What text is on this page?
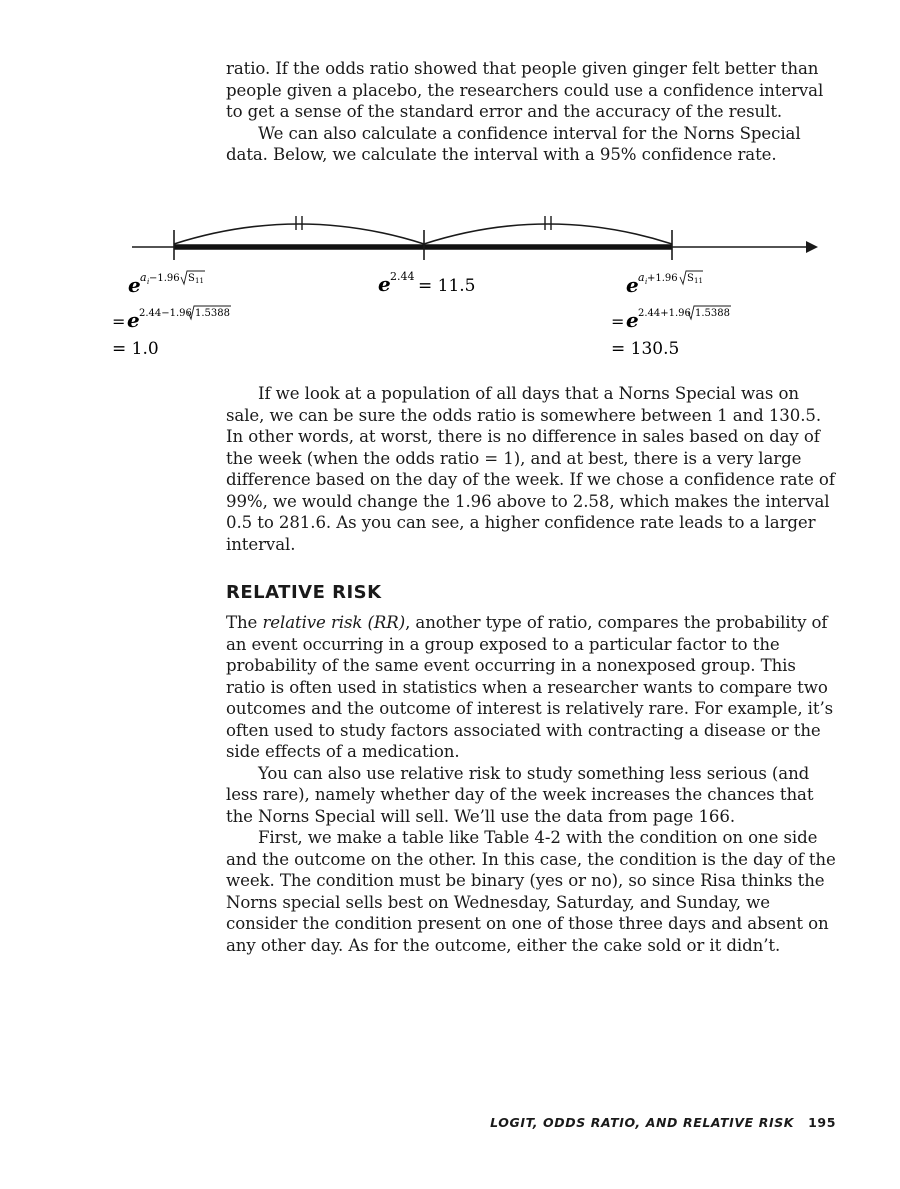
ratio. If the odds ratio showed that people given ginger felt better than people given a placebo, the researchers could use a confidence interval to get a sense of the standard error and the accuracy of the result.

We can also calculate a confidence interval for the Norns Special data. Below, we calculate the interval with a 95% confidence rate.

e a i −1.96 S 11
= e 2.44−1.96 1.5388
= 1.0
e 2.44 = 11.5	e a i +1.96 S 11
= e 2.44+1.96 1.5388
= 130.5

If we look at a population of all days that a Norns Special was on sale, we can be sure the odds ratio is somewhere between 1 and 130.5. In other words, at worst, there is no difference in sales based on day of the week (when the odds ratio = 1), and at best, there is a very large difference based on the day of the week. If we chose a confidence rate of 99%, we would change the 1.96 above to 2.58, which makes the interval 0.5 to 281.6. As you can see, a higher confidence rate leads to a larger interval.

RELATIVE RISK

The relative risk (RR), another type of ratio, compares the probability of an event occurring in a group exposed to a particular factor to the probability of the same event occurring in a nonexposed group. This ratio is often used in statistics when a researcher wants to compare two outcomes and the outcome of interest is relatively rare. For example, it’s often used to study factors associated with contracting a disease or the side effects of a medication.

You can also use relative risk to study something less serious (and less rare), namely whether day of the week increases the chances that the Norns Special will sell. We’ll use the data from page 166.

First, we make a table like Table 4-2 with the condition on one side and the outcome on the other. In this case, the condition is the day of the week. The condition must be binary (yes or no), so since Risa thinks the Norns special sells best on Wednesday, Saturday, and Sunday, we consider the condition present on one of those three days and absent on any other day. As for the outcome, either the cake sold or it didn’t.

LOGIT, ODDS RATIO, AND RELATIVE RISK 195
